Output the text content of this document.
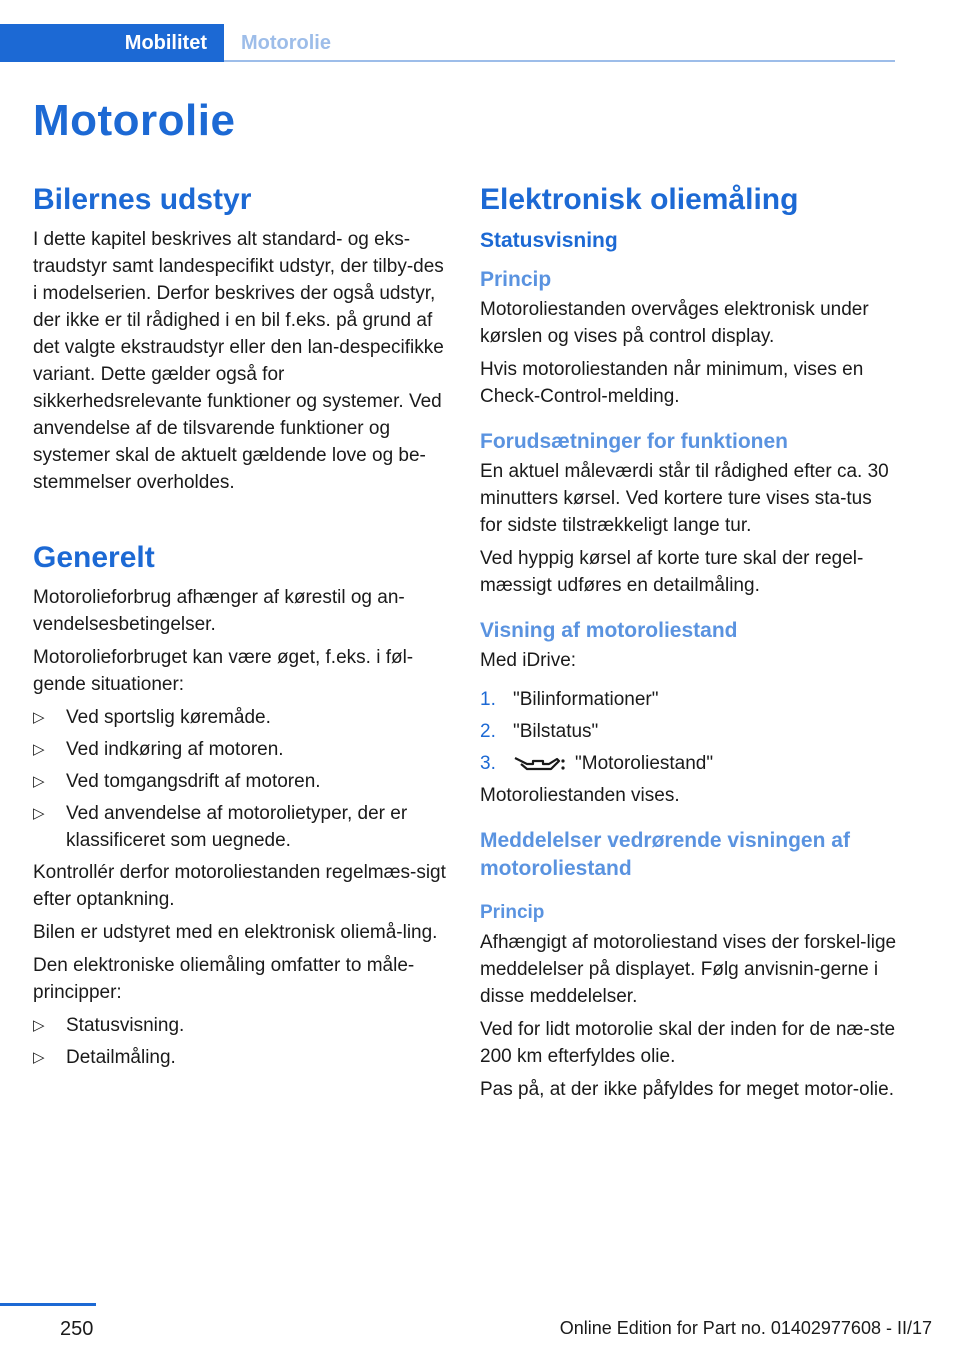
Mobilitet	Motorolie
Motorolie
Bilernes udstyr

I dette kapitel beskrives alt standard- og eks-traudstyr samt landespecifikt udstyr, der tilby-des i modelserien. Derfor beskrives der også udstyr, der ikke er til rådighed i en bil f.eks. på grund af det valgte ekstraudstyr eller den lan-despecifikke variant. Dette gælder også for sikkerhedsrelevante funktioner og systemer. Ved anvendelse af de tilsvarende funktioner og systemer skal de aktuelt gældende love og be-stemmelser overholdes.

Generelt

Motorolieforbrug afhænger af kørestil og an-vendelsesbetingelser.

Motorolieforbruget kan være øget, f.eks. i føl-gende situationer:

▷ Ved sportslig køremåde.
▷ Ved indkøring af motoren.
▷ Ved tomgangsdrift af motoren.
▷ Ved anvendelse af motorolietyper, der er klassificeret som uegnede.

Kontrollér derfor motoroliestanden regelmæs-sigt efter optankning.

Bilen er udstyret med en elektronisk oliemå-ling.

Den elektroniske oliemåling omfatter to måle-principper:

▷ Statusvisning.
▷ Detailmåling.
Elektronisk oliemåling
Statusvisning
Princip

Motoroliestanden overvåges elektronisk under kørslen og vises på control display.

Hvis motoroliestanden når minimum, vises en Check-Control-melding.

Forudsætninger for funktionen

En aktuel måleværdi står til rådighed efter ca. 30 minutters kørsel. Ved kortere ture vises sta-tus for sidste tilstrækkeligt lange tur.

Ved hyppig kørsel af korte ture skal der regel-mæssigt udføres en detailmåling.

Visning af motoroliestand

Med iDrive:

1. "Bilinformationer"
2. "Bilstatus"
3.	"Motoroliestand"

Motoroliestanden vises.

Meddelelser vedrørende visningen af motoroliestand
Princip

Afhængigt af motoroliestand vises der forskel-lige meddelelser på displayet. Følg anvisnin-gerne i disse meddelelser.

Ved for lidt motorolie skal der inden for de næ-ste 200 km efterfyldes olie.

Pas på, at der ikke påfyldes for meget motor-olie.

250	Online Edition for Part no. 01402977608 - II/17
